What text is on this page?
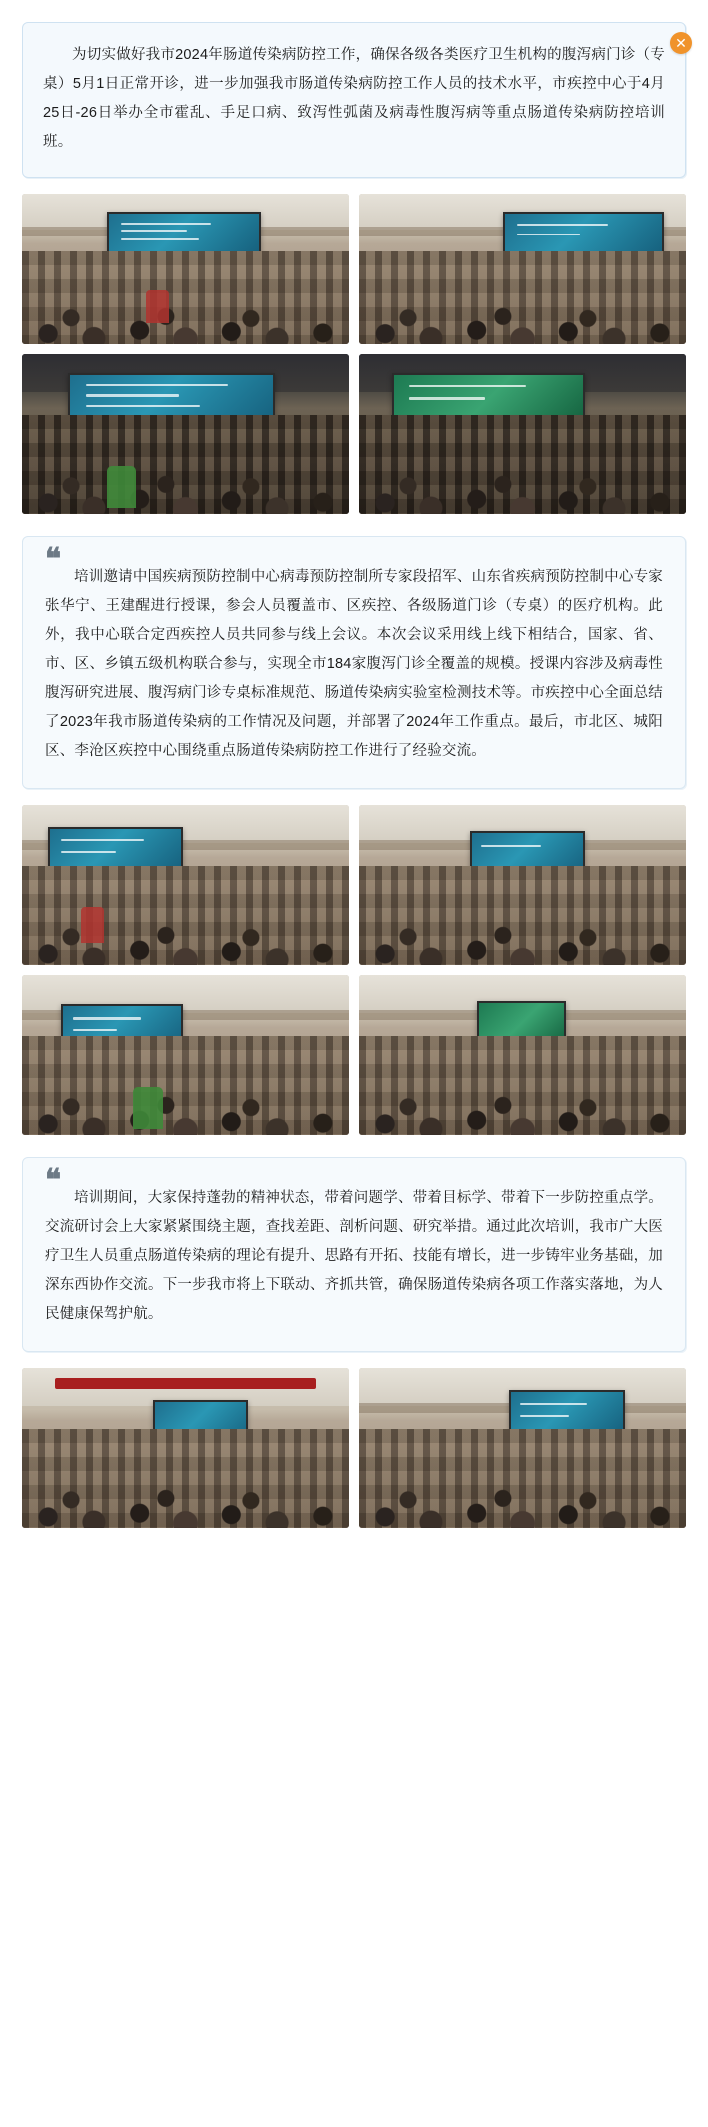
✕
为切实做好我市2024年肠道传染病防控工作，确保各级各类医疗卫生机构的腹泻病门诊（专桌）5月1日正常开诊，进一步加强我市肠道传染病防控工作人员的技术水平，市疾控中心于4月25日-26日举办全市霍乱、手足口病、致泻性弧菌及病毒性腹泻病等重点肠道传染病防控培训班。
❝
培训邀请中国疾病预防控制中心病毒预防控制所专家段招军、山东省疾病预防控制中心专家张华宁、王建醒进行授课，参会人员覆盖市、区疾控、各级肠道门诊（专桌）的医疗机构。此外，我中心联合定西疾控人员共同参与线上会议。本次会议采用线上线下相结合，国家、省、市、区、乡镇五级机构联合参与，实现全市184家腹泻门诊全覆盖的规模。授课内容涉及病毒性腹泻研究进展、腹泻病门诊专桌标准规范、肠道传染病实验室检测技术等。市疾控中心全面总结了2023年我市肠道传染病的工作情况及问题，并部署了2024年工作重点。最后，市北区、城阳区、李沧区疾控中心围绕重点肠道传染病防控工作进行了经验交流。
❝
培训期间，大家保持蓬勃的精神状态，带着问题学、带着目标学、带着下一步防控重点学。交流研讨会上大家紧紧围绕主题，查找差距、剖析问题、研究举措。通过此次培训，我市广大医疗卫生人员重点肠道传染病的理论有提升、思路有开拓、技能有增长，进一步铸牢业务基础，加深东西协作交流。下一步我市将上下联动、齐抓共管，确保肠道传染病各项工作落实落地，为人民健康保驾护航。
